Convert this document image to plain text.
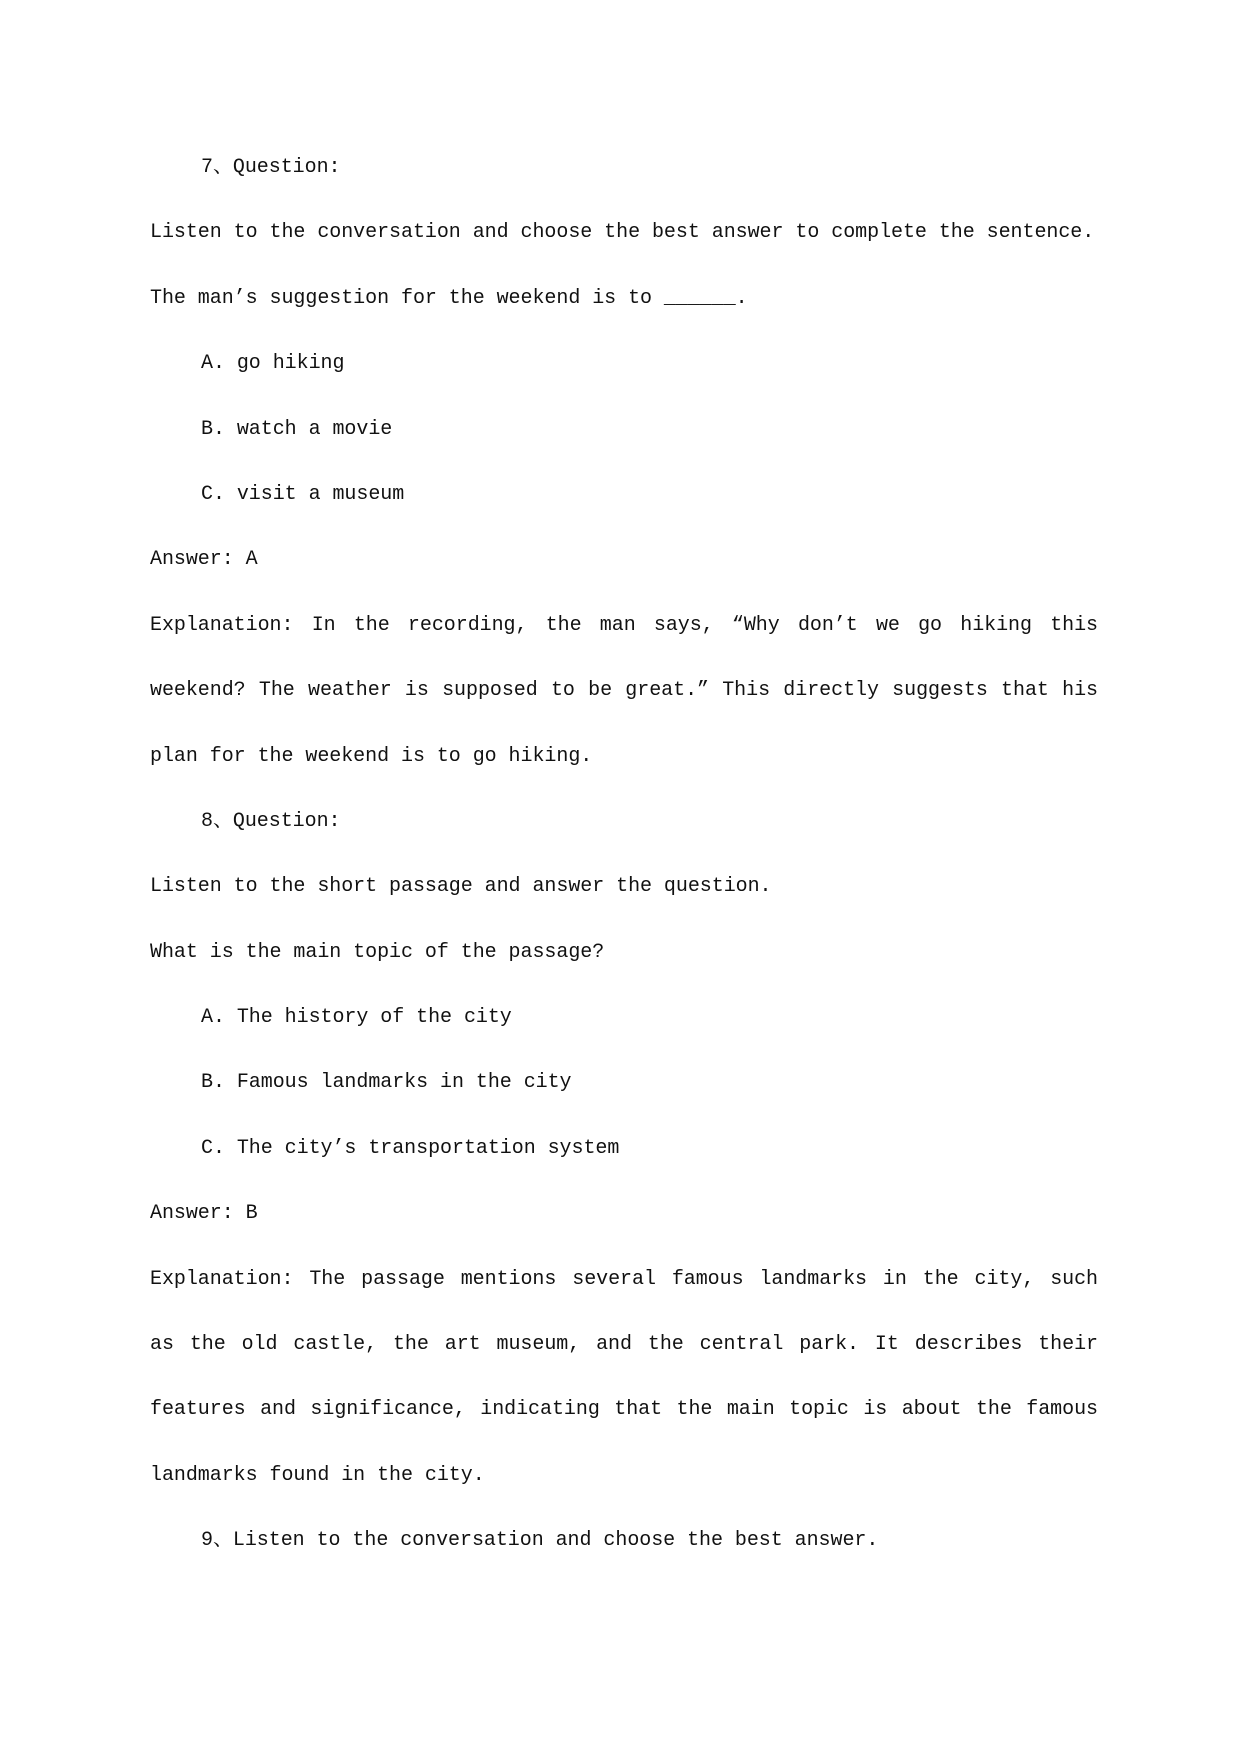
7、Question:
Listen to the conversation and choose the best answer to complete the sentence.
The man’s suggestion for the weekend is to ______.
A. go hiking
B. watch a movie
C. visit a museum
Answer: A
Explanation: In the recording, the man says, “Why don’t we go hiking this
weekend? The weather is supposed to be great.” This directly suggests that his
plan for the weekend is to go hiking.
8、Question:
Listen to the short passage and answer the question.
What is the main topic of the passage?
A. The history of the city
B. Famous landmarks in the city
C. The city’s transportation system
Answer: B
Explanation: The passage mentions several famous landmarks in the city, such
as the old castle, the art museum, and the central park. It describes their
features and significance, indicating that the main topic is about the famous
landmarks found in the city.
9、Listen to the conversation and choose the best answer.
